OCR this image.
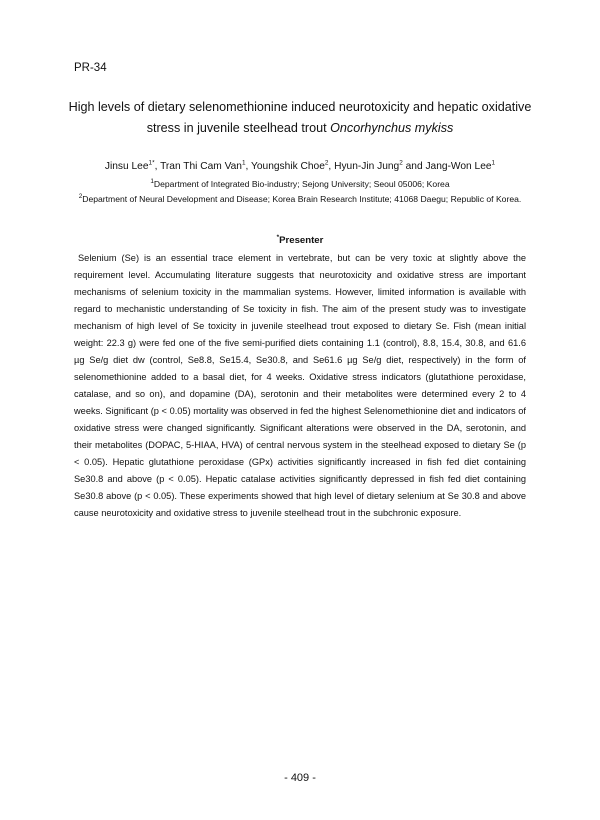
PR-34
High levels of dietary selenomethionine induced neurotoxicity and hepatic oxidative
stress in juvenile steelhead trout Oncorhynchus mykiss
Jinsu Lee$^{1*}$, Tran Thi Cam Van$^1$, Youngshik Choe$^2$, Hyun-Jin Jung$^2$ and Jang-Won Lee$^1$
$^1$Department of Integrated Bio-industry; Sejong University; Seoul 05006; Korea
$^2$Department of Neural Development and Disease; Korea Brain Research Institute; 41068 Daegu; Republic of Korea.
*Presenter

Selenium (Se) is an essential trace element in vertebrate, but can be very toxic at slightly above the requirement level. Accumulating literature suggests that neurotoxicity and oxidative stress are important mechanisms of selenium toxicity in the mammalian systems. However, limited information is available with regard to mechanistic understanding of Se toxicity in fish. The aim of the present study was to investigate mechanism of high level of Se toxicity in juvenile steelhead trout exposed to dietary Se. Fish (mean initial weight: 22.3 g) were fed one of the five semi-purified diets containing 1.1 (control), 8.8, 15.4, 30.8, and 61.6 µg Se/g diet dw (control, Se8.8, Se15.4, Se30.8, and Se61.6 µg Se/g diet, respectively) in the form of selenomethionine added to a basal diet, for 4 weeks. Oxidative stress indicators (glutathione peroxidase, catalase, and so on), and dopamine (DA), serotonin and their metabolites were determined every 2 to 4 weeks. Significant (p < 0.05) mortality was observed in fed the highest Selenomethionine diet and indicators of oxidative stress were changed significantly. Significant alterations were observed in the DA, serotonin, and their metabolites (DOPAC, 5-HIAA, HVA) of central nervous system in the steelhead exposed to dietary Se (p < 0.05). Hepatic glutathione peroxidase (GPx) activities significantly increased in fish fed diet containing Se30.8 and above (p < 0.05). Hepatic catalase activities significantly depressed in fish fed diet containing Se30.8 above (p < 0.05). These experiments showed that high level of dietary selenium at Se 30.8 and above cause neurotoxicity and oxidative stress to juvenile steelhead trout in the subchronic exposure.

- 409 -
